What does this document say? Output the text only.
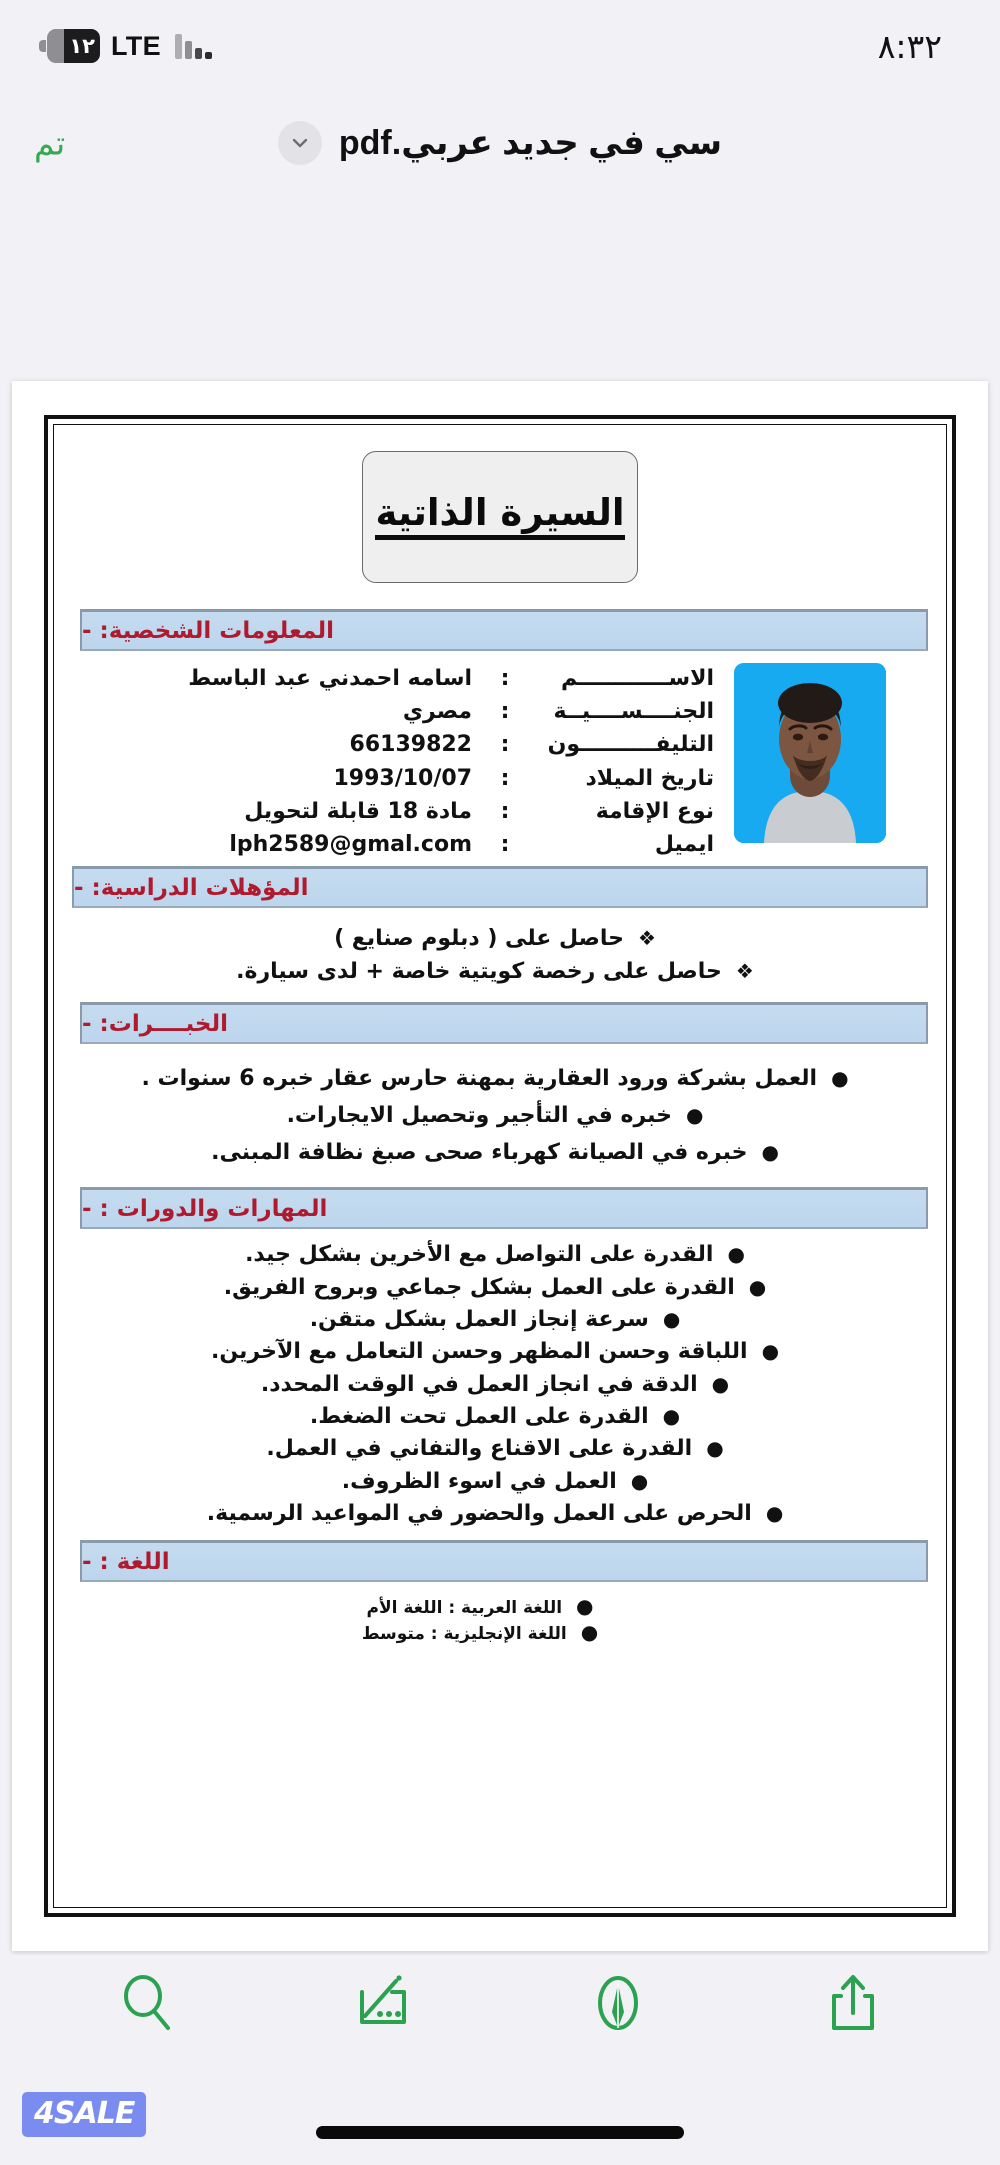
١٢ LTE	٨:٣٢
تم	سي في جديد عربي.pdf
السيرة الذاتية
المعلومات الشخصية: -
الاســــــــــــم
:
اسامه احمدني عبد الباسط
الجنــــســــيــة
:
مصري
التليفــــــــــون
:
66139822
تاريخ الميلاد
:
1993/10/07
نوع الإقامة
:
مادة 18 قابلة لتحويل
ايميل
:
lph2589@gmal.com
المؤهلات الدراسية: -
❖
حاصل على ( دبلوم صنايع )
❖
حاصل على رخصة كويتية خاصة + لدى سيارة.
الخبــــرات: -
●
العمل بشركة ورود العقارية بمهنة حارس عقار خبره 6 سنوات .
●
خبره في التأجير وتحصيل الايجارات.
●
خبره في الصيانة كهرباء صحى صبغ نظافة المبنى.
المهارات والدورات : -
●
القدرة على التواصل مع الأخرين بشكل جيد.
●
القدرة على العمل بشكل جماعي وبروح الفريق.
●
سرعة إنجاز العمل بشكل متقن.
●
اللباقة وحسن المظهر وحسن التعامل مع الآخرين.
●
الدقة في انجاز العمل في الوقت المحدد.
●
القدرة على العمل تحت الضغط.
●
القدرة على الاقناع والتفاني في العمل.
●
العمل في اسوء الظروف.
●
الحرص على العمل والحضور في المواعيد الرسمية.
اللغة : -
●
اللغة العربية : اللغة الأم
●
اللغة الإنجليزية : متوسط
4SALE
